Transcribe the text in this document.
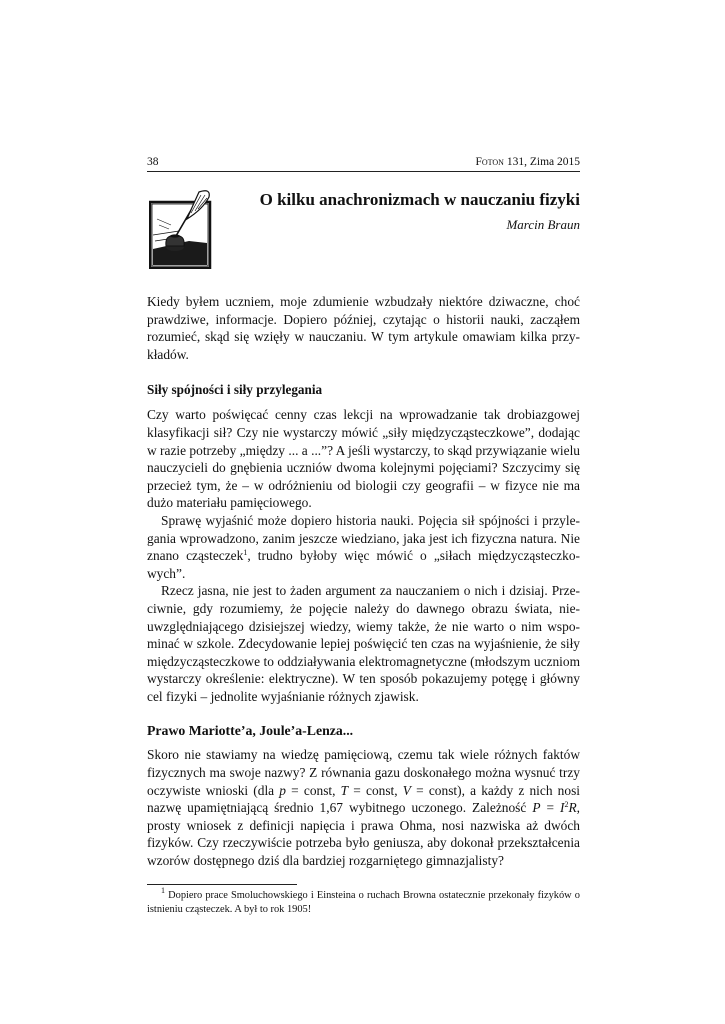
38	Foton 131, Zima 2015
O kilku anachronizmach w nauczaniu fizyki
Marcin Braun

Kiedy byłem uczniem, moje zdumienie wzbudzały niektóre dziwaczne, choć prawdziwe, informacje. Dopiero później, czytając o historii nauki, zacząłem rozumieć, skąd się wzięły w nauczaniu. W tym artykule omawiam kilka przykładów.

Siły spójności i siły przylegania

Czy warto poświęcać cenny czas lekcji na wprowadzanie tak drobiazgowej klasyfikacji sił? Czy nie wystarczy mówić „siły międzycząsteczkowe”, dodając w razie potrzeby „między ... a ...”? A jeśli wystarczy, to skąd przywiązanie wielu nauczycieli do gnębienia uczniów dwoma kolejnymi pojęciami? Szczycimy się przecież tym, że – w odróżnieniu od biologii czy geografii – w fizyce nie ma dużo materiału pamięciowego.

Sprawę wyjaśnić może dopiero historia nauki. Pojęcia sił spójności i przylegania wprowadzono, zanim jeszcze wiedziano, jaka jest ich fizyczna natura. Nie znano cząsteczek$^1$, trudno byłoby więc mówić o „siłach międzycząsteczkowych”.

Rzecz jasna, nie jest to żaden argument za nauczaniem o nich i dzisiaj. Przeciwnie, gdy rozumiemy, że pojęcie należy do dawnego obrazu świata, nieuwzględniającego dzisiejszej wiedzy, wiemy także, że nie warto o nim wspominać w szkole. Zdecydowanie lepiej poświęcić ten czas na wyjaśnienie, że siły międzycząsteczkowe to oddziaływania elektromagnetyczne (młodszym uczniom wystarczy określenie: elektryczne). W ten sposób pokazujemy potęgę i główny cel fizyki – jednolite wyjaśnianie różnych zjawisk.

Prawo Mariotte’a, Joule’a-Lenza...

Skoro nie stawiamy na wiedzę pamięciową, czemu tak wiele różnych faktów fizycznych ma swoje nazwy? Z równania gazu doskonałego można wysnuć trzy oczywiste wnioski (dla p = const, T = const, V = const), a każdy z nich nosi nazwę upamiętniającą średnio 1,67 wybitnego uczonego. Zależność $P = I^2R$, prosty wniosek z definicji napięcia i prawa Ohma, nosi nazwiska aż dwóch fizyków. Czy rzeczywiście potrzeba było geniusza, aby dokonał przekształcenia wzorów dostępnego dziś dla bardziej rozgarniętego gimnazjalisty?

$^1$ Dopiero prace Smoluchowskiego i Einsteina o ruchach Browna ostatecznie przekonały fizyków o istnieniu cząsteczek. A był to rok 1905!
